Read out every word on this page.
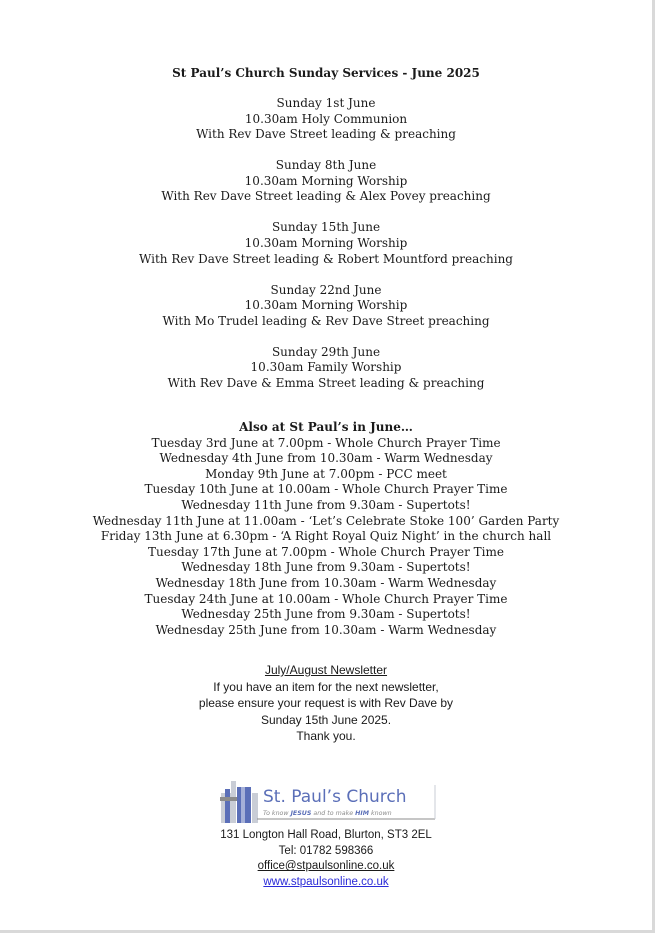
St Paul’s Church Sunday Services - June 2025
Sunday 1st June
10.30am Holy Communion
With Rev Dave Street leading & preaching
Sunday 8th June
10.30am Morning Worship
With Rev Dave Street leading & Alex Povey preaching
Sunday 15th June
10.30am Morning Worship
With Rev Dave Street leading & Robert Mountford preaching
Sunday 22nd June
10.30am Morning Worship
With Mo Trudel leading & Rev Dave Street preaching
Sunday 29th June
10.30am Family Worship
With Rev Dave & Emma Street leading & preaching
Also at St Paul’s in June…
Tuesday 3rd June at 7.00pm - Whole Church Prayer Time
Wednesday 4th June from 10.30am - Warm Wednesday
Monday 9th June at 7.00pm - PCC meet
Tuesday 10th June at 10.00am - Whole Church Prayer Time
Wednesday 11th June from 9.30am - Supertots!
Wednesday 11th June at 11.00am - ‘Let’s Celebrate Stoke 100’ Garden Party
Friday 13th June at 6.30pm - ‘A Right Royal Quiz Night’ in the church hall
Tuesday 17th June at 7.00pm - Whole Church Prayer Time
Wednesday 18th June from 9.30am - Supertots!
Wednesday 18th June from 10.30am - Warm Wednesday
Tuesday 24th June at 10.00am - Whole Church Prayer Time
Wednesday 25th June from 9.30am - Supertots!
Wednesday 25th June from 10.30am - Warm Wednesday
July/August Newsletter
If you have an item for the next newsletter,
please ensure your request is with Rev Dave by
Sunday 15th June 2025.
Thank you.
St. Paul’s Church
To know JESUS and to make HIM known
131 Longton Hall Road, Blurton, ST3 2EL
Tel: 01782 598366
office@stpaulsonline.co.uk
www.stpaulsonline.co.uk
